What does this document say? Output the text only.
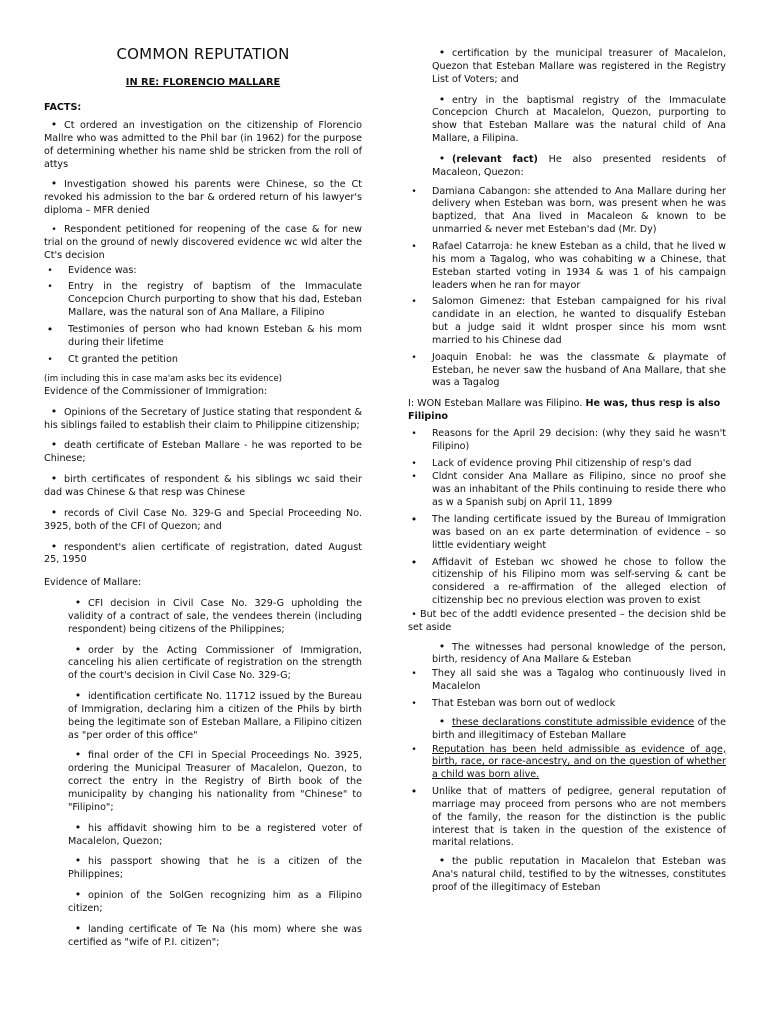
COMMON REPUTATION

IN RE: FLORENCIO MALLARE

FACTS:

• Ct ordered an investigation on the citizenship of Florencio Mallre who was admitted to the Phil bar (in 1962) for the purpose of determining whether his name shld be stricken from the roll of attys

• Investigation showed his parents were Chinese, so the Ct revoked his admission to the bar & ordered return of his lawyer's diploma – MFR denied

• Respondent petitioned for reopening of the case & for new trial on the ground of newly discovered evidence wc wld alter the Ct's decision

• Evidence was:

• Entry in the registry of baptism of the Immaculate Concepcion Church purporting to show that his dad, Esteban Mallare, was the natural son of Ana Mallare, a Filipino

• Testimonies of person who had known Esteban & his mom during their lifetime

• Ct granted the petition

(im including this in case ma'am asks bec its evidence)

Evidence of the Commissioner of Immigration:

• Opinions of the Secretary of Justice stating that respondent & his siblings failed to establish their claim to Philippine citizenship;

• death certificate of Esteban Mallare - he was reported to be Chinese;

• birth certificates of respondent & his siblings wc said their dad was Chinese & that resp was Chinese

• records of Civil Case No. 329-G and Special Proceeding No. 3925, both of the CFI of Quezon; and

• respondent's alien certificate of registration, dated August 25, 1950

Evidence of Mallare:

• CFI decision in Civil Case No. 329-G upholding the validity of a contract of sale, the vendees therein (including respondent) being citizens of the Philippines;

• order by the Acting Commissioner of Immigration, canceling his alien certificate of registration on the strength of the court's decision in Civil Case No. 329-G;

• identification certificate No. 11712 issued by the Bureau of Immigration, declaring him a citizen of the Phils by birth being the legitimate son of Esteban Mallare, a Filipino citizen as "per order of this office"

• final order of the CFI in Special Proceedings No. 3925, ordering the Municipal Treasurer of Macalelon, Quezon, to correct the entry in the Registry of Birth book of the municipality by changing his nationality from "Chinese" to "Filipino";

• his affidavit showing him to be a registered voter of Macalelon, Quezon;

• his passport showing that he is a citizen of the Philippines;

• opinion of the SolGen recognizing him as a Filipino citizen;

• landing certificate of Te Na (his mom) where she was certified as "wife of P.I. citizen";

• certification by the municipal treasurer of Macalelon, Quezon that Esteban Mallare was registered in the Registry List of Voters; and

• entry in the baptismal registry of the Immaculate Concepcion Church at Macalelon, Quezon, purporting to show that Esteban Mallare was the natural child of Ana Mallare, a Filipina.

• (relevant fact) He also presented residents of Macaleon, Quezon:

• Damiana Cabangon: she attended to Ana Mallare during her delivery when Esteban was born, was present when he was baptized, that Ana lived in Macaleon & known to be unmarried & never met Esteban's dad (Mr. Dy)

• Rafael Catarroja: he knew Esteban as a child, that he lived w his mom a Tagalog, who was cohabiting w a Chinese, that Esteban started voting in 1934 & was 1 of his campaign leaders when he ran for mayor

• Salomon Gimenez: that Esteban campaigned for his rival candidate in an election, he wanted to disqualify Esteban but a judge said it wldnt prosper since his mom wsnt married to his Chinese dad

• Joaquin Enobal: he was the classmate & playmate of Esteban, he never saw the husband of Ana Mallare, that she was a Tagalog

I: WON Esteban Mallare was Filipino. He was, thus resp is also Filipino

• Reasons for the April 29 decision: (why they said he wasn't Filipino)

• Lack of evidence proving Phil citizenship of resp's dad

• Cldnt consider Ana Mallare as Filipino, since no proof she was an inhabitant of the Phils continuing to reside there who as w a Spanish subj on April 11, 1899

• The landing certificate issued by the Bureau of Immigration was based on an ex parte determination of evidence – so little evidentiary weight

• Affidavit of Esteban wc showed he chose to follow the citizenship of his Filipino mom was self-serving & cant be considered a re-affirmation of the alleged election of citizenship bec no previous election was proven to exist

• But bec of the addtl evidence presented – the decision shld be set aside

• The witnesses had personal knowledge of the person, birth, residency of Ana Mallare & Esteban

• They all said she was a Tagalog who continuously lived in Macalelon

• That Esteban was born out of wedlock

• these declarations constitute admissible evidence of the birth and illegitimacy of Esteban Mallare

• Reputation has been held admissible as evidence of age, birth, race, or race-ancestry, and on the question of whether a child was born alive.

• Unlike that of matters of pedigree, general reputation of marriage may proceed from persons who are not members of the family, the reason for the distinction is the public interest that is taken in the question of the existence of marital relations.

• the public reputation in Macalelon that Esteban was Ana's natural child, testified to by the witnesses, constitutes proof of the illegitimacy of Esteban
